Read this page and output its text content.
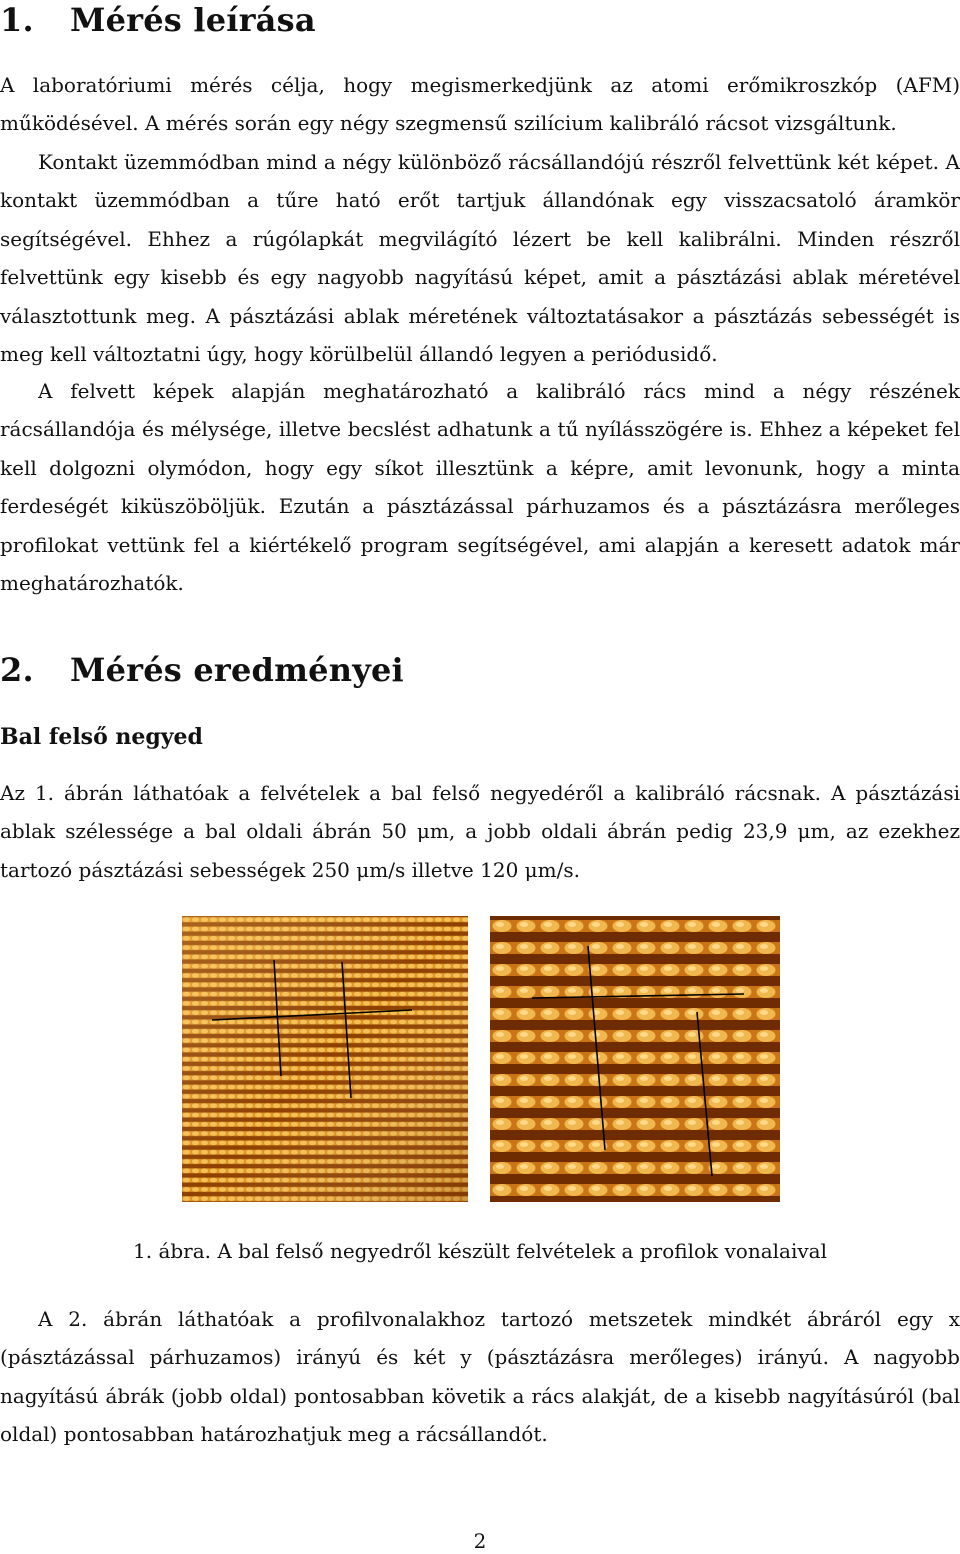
1. Mérés leírása

A laboratóriumi mérés célja, hogy megismerkedjünk az atomi erőmikroszkóp (AFM) működésével. A mérés során egy négy szegmensű szilícium kalibráló rácsot vizsgáltunk.

Kontakt üzemmódban mind a négy különböző rácsállandójú részről felvettünk két képet. A kontakt üzemmódban a tűre ható erőt tartjuk állandónak egy visszacsatoló áramkör segítségével. Ehhez a rúgólapkát megvilágító lézert be kell kalibrálni. Minden részről felvettünk egy kisebb és egy nagyobb nagyítású képet, amit a pásztázási ablak méretével választottunk meg. A pásztázási ablak méretének változtatásakor a pásztázás sebességét is meg kell változtatni úgy, hogy körülbelül állandó legyen a periódusidő.

A felvett képek alapján meghatározható a kalibráló rács mind a négy részének rácsállandója és mélysége, illetve becslést adhatunk a tű nyílásszögére is. Ehhez a képeket fel kell dolgozni olymódon, hogy egy síkot illesztünk a képre, amit levonunk, hogy a minta ferdeségét kiküszöböljük. Ezután a pásztázással párhuzamos és a pásztázásra merőleges profilokat vettünk fel a kiértékelő program segítségével, ami alapján a keresett adatok már meghatározhatók.

2. Mérés eredményei
Bal felső negyed

Az 1. ábrán láthatóak a felvételek a bal felső negyedéről a kalibráló rácsnak. A pásztázási ablak szélessége a bal oldali ábrán 50 μm, a jobb oldali ábrán pedig 23,9 μm, az ezekhez tartozó pásztázási sebességek 250 μm/s illetve 120 μm/s.

1. ábra. A bal felső negyedről készült felvételek a profilok vonalaival

A 2. ábrán láthatóak a profilvonalakhoz tartozó metszetek mindkét ábráról egy x (pásztázással párhuzamos) irányú és két y (pásztázásra merőleges) irányú. A nagyobb nagyítású ábrák (jobb oldal) pontosabban követik a rács alakját, de a kisebb nagyításúról (bal oldal) pontosabban határozhatjuk meg a rácsállandót.

2
